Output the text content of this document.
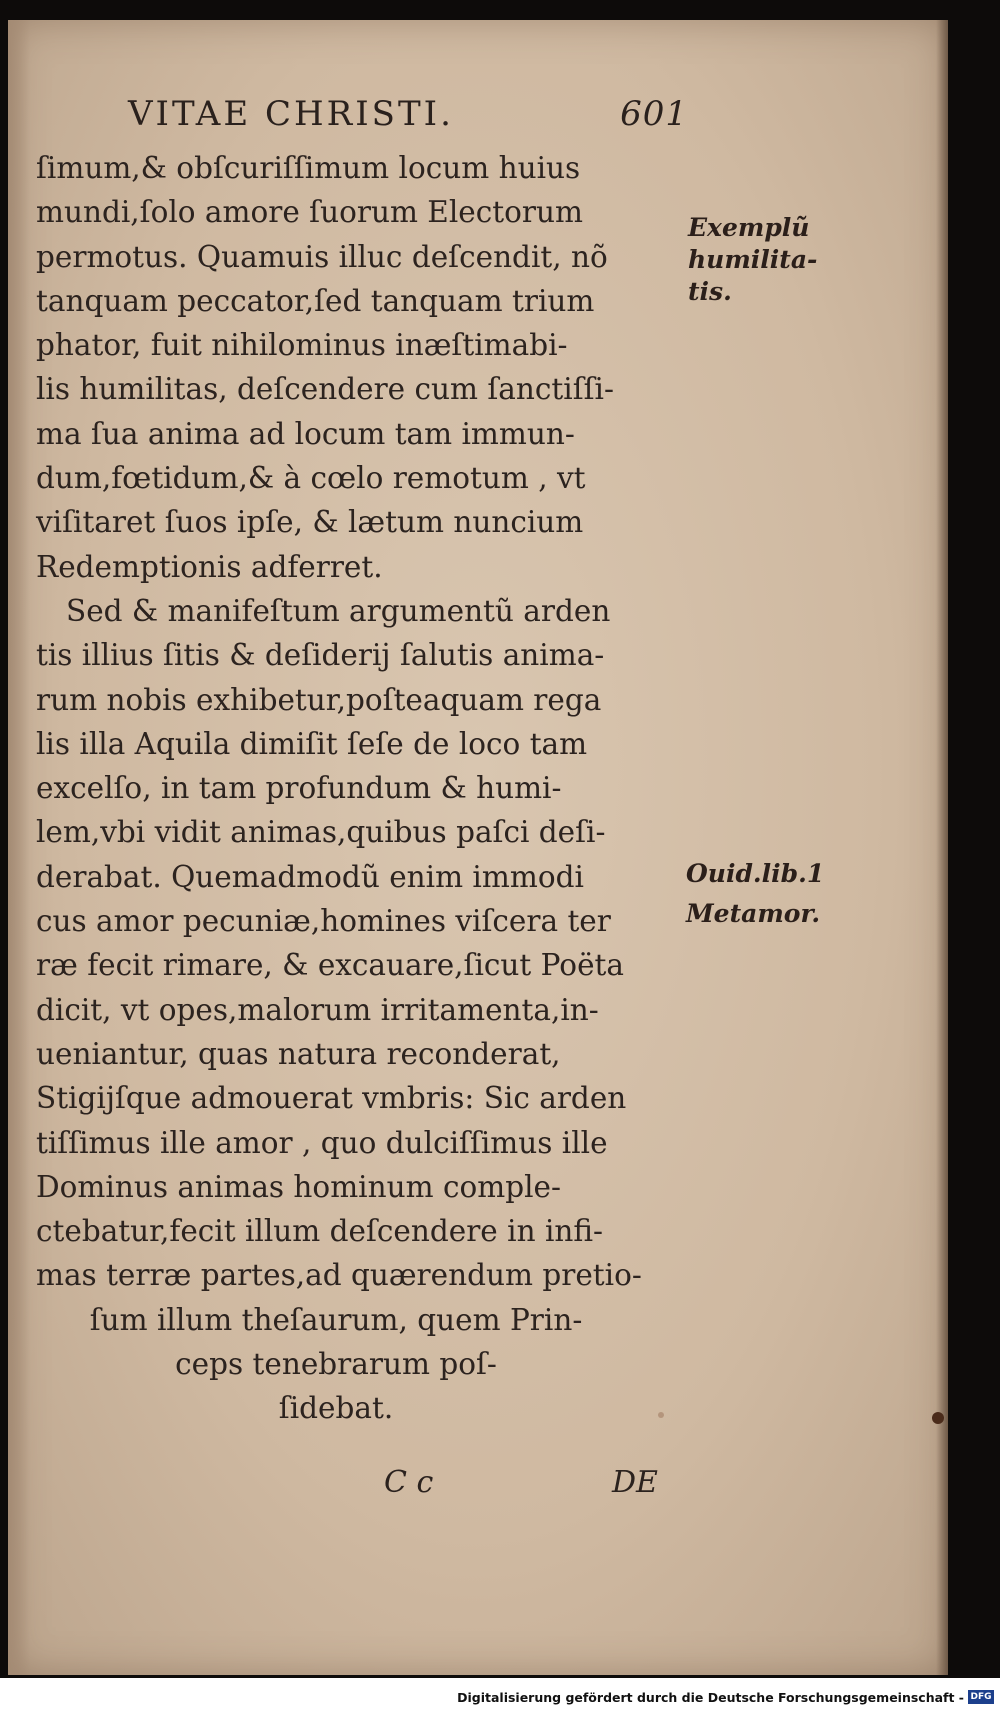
VITAE CHRISTI.	601
ſimum,& obſcuriſſimum locum huius
mundi,ſolo amore ſuorum Electorum
permotus. Quamuis illuc deſcendit, nõ
tanquam peccator,ſed tanquam trium
phator, fuit nihilominus inæſtimabi-
lis humilitas, deſcendere cum ſanctiſſi-
ma ſua anima ad locum tam immun-
dum,fœtidum,& à cœlo remotum , vt
viſitaret ſuos ipſe, & lætum nuncium
Redemptionis adferret.
Sed & manifeſtum argumentũ arden
tis illius ſitis & deſiderij ſalutis anima-
rum nobis exhibetur,poſteaquam rega
lis illa Aquila dimiſit ſeſe de loco tam
excelſo, in tam profundum & humi-
lem,vbi vidit animas,quibus paſci deſi-
derabat. Quemadmodũ enim immodi
cus amor pecuniæ,homines viſcera ter
ræ fecit rimare, & excauare,ſicut Poëta
dicit, vt opes,malorum irritamenta,in-
ueniantur, quas natura reconderat,
Stigijſque admouerat vmbris: Sic arden
tiſſimus ille amor , quo dulciſſimus ille
Dominus animas hominum comple-
ctebatur,fecit illum deſcendere in infi-
mas terræ partes,ad quærendum pretio-
ſum illum theſaurum, quem Prin-
ceps tenebrarum poſ-
ſidebat.
Exemplũ
humilita-
tis.
Ouid.lib.1
Metamor.
C c	DE
Digitalisierung gefördert durch die Deutsche Forschungsgemeinschaft - DFG
